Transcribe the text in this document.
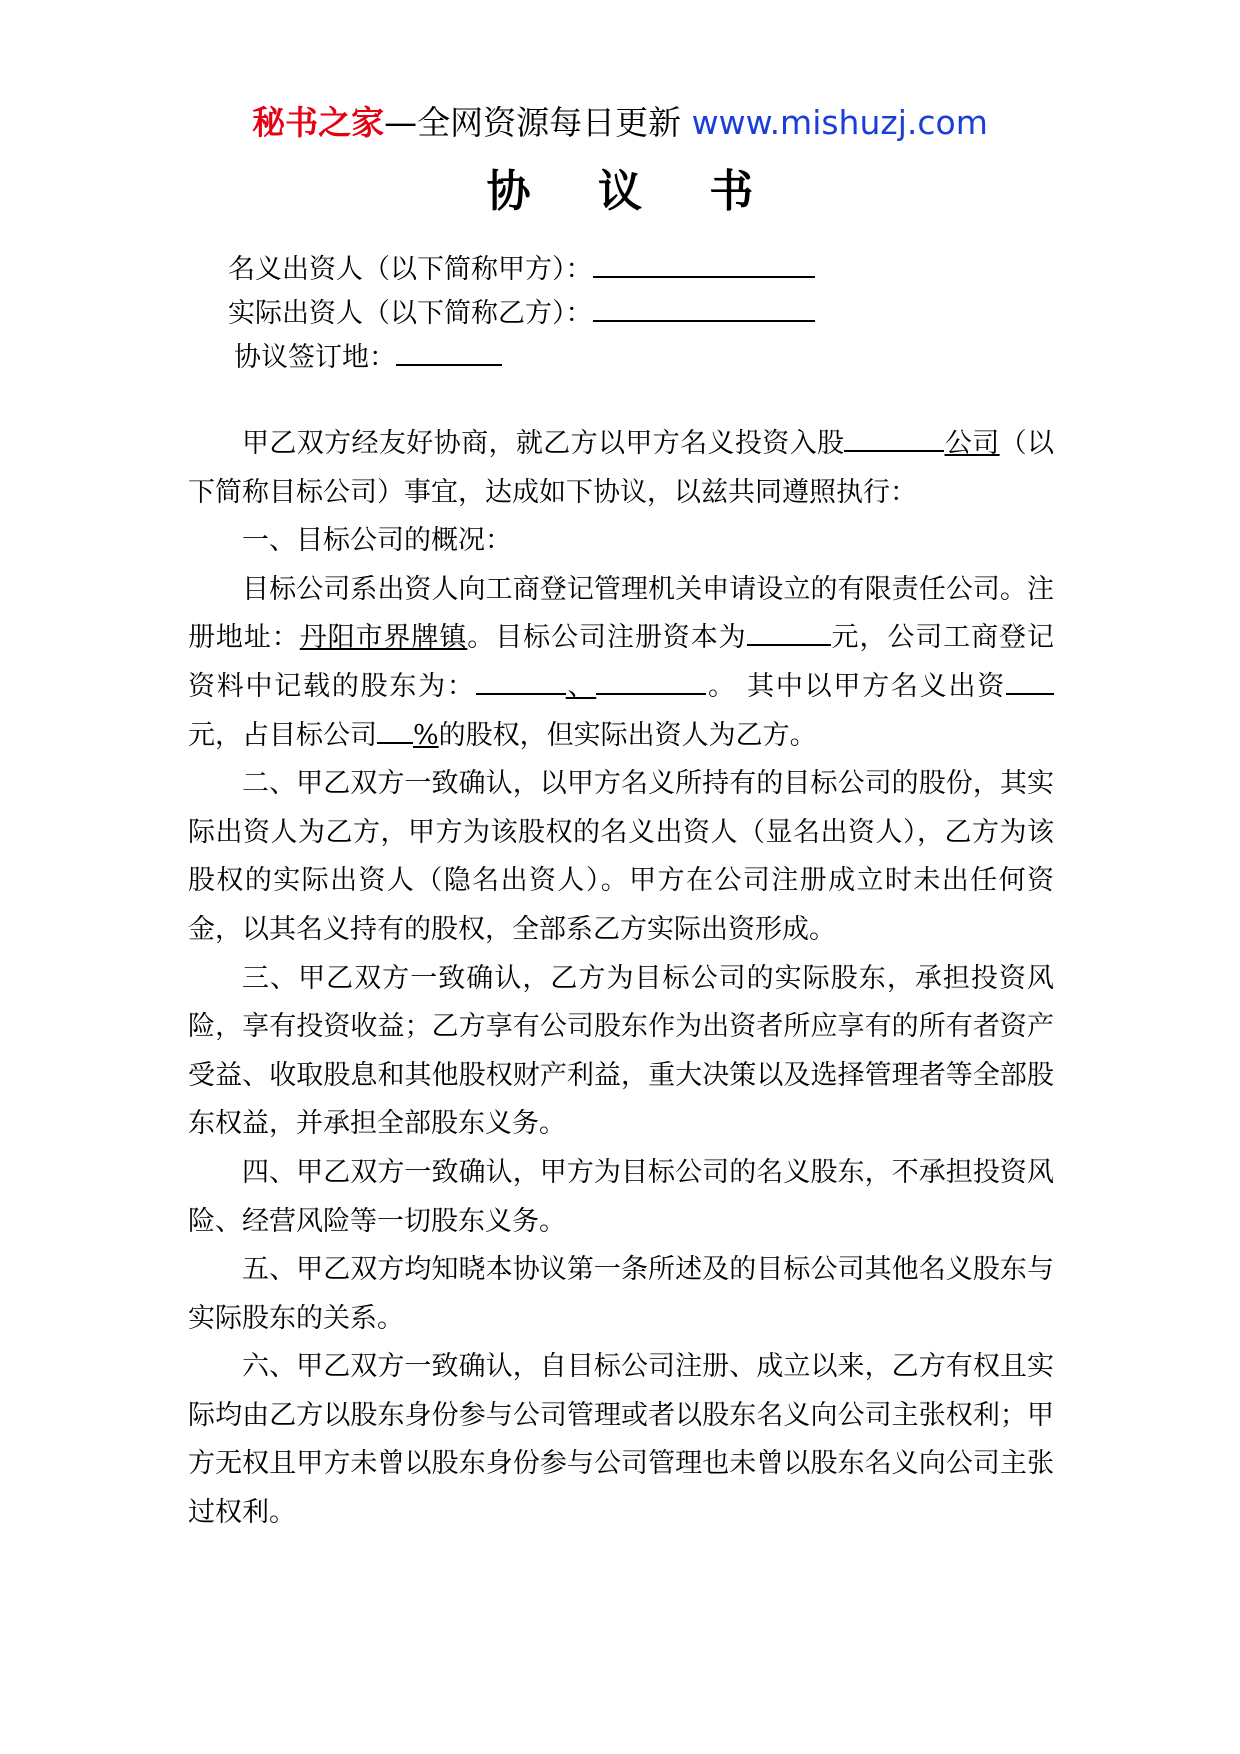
秘书之家—全网资源每日更新 www.mishuzj.com
协 议 书
名义出资人（以下简称甲方）：
实际出资人（以下简称乙方）：
协议签订地：

甲乙双方经友好协商，就乙方以甲方名义投资入股	公司（以下简称目标公司）事宜，达成如下协议，以兹共同遵照执行：

一、目标公司的概况：

目标公司系出资人向工商登记管理机关申请设立的有限责任公司。注册地址：丹阳市界牌镇。目标公司注册资本为	元，公司工商登记资料中记载的股东为：	、	。 其中以甲方名义出资元，占目标公司 %的股权，但实际出资人为乙方。

二、甲乙双方一致确认，以甲方名义所持有的目标公司的股份，其实际出资人为乙方，甲方为该股权的名义出资人（显名出资人），乙方为该股权的实际出资人（隐名出资人）。甲方在公司注册成立时未出任何资金，以其名义持有的股权，全部系乙方实际出资形成。

三、甲乙双方一致确认，乙方为目标公司的实际股东，承担投资风险，享有投资收益；乙方享有公司股东作为出资者所应享有的所有者资产受益、收取股息和其他股权财产利益，重大决策以及选择管理者等全部股东权益，并承担全部股东义务。

四、甲乙双方一致确认，甲方为目标公司的名义股东，不承担投资风险、经营风险等一切股东义务。

五、甲乙双方均知晓本协议第一条所述及的目标公司其他名义股东与实际股东的关系。

六、甲乙双方一致确认，自目标公司注册、成立以来，乙方有权且实际均由乙方以股东身份参与公司管理或者以股东名义向公司主张权利；甲方无权且甲方未曾以股东身份参与公司管理也未曾以股东名义向公司主张过权利。
